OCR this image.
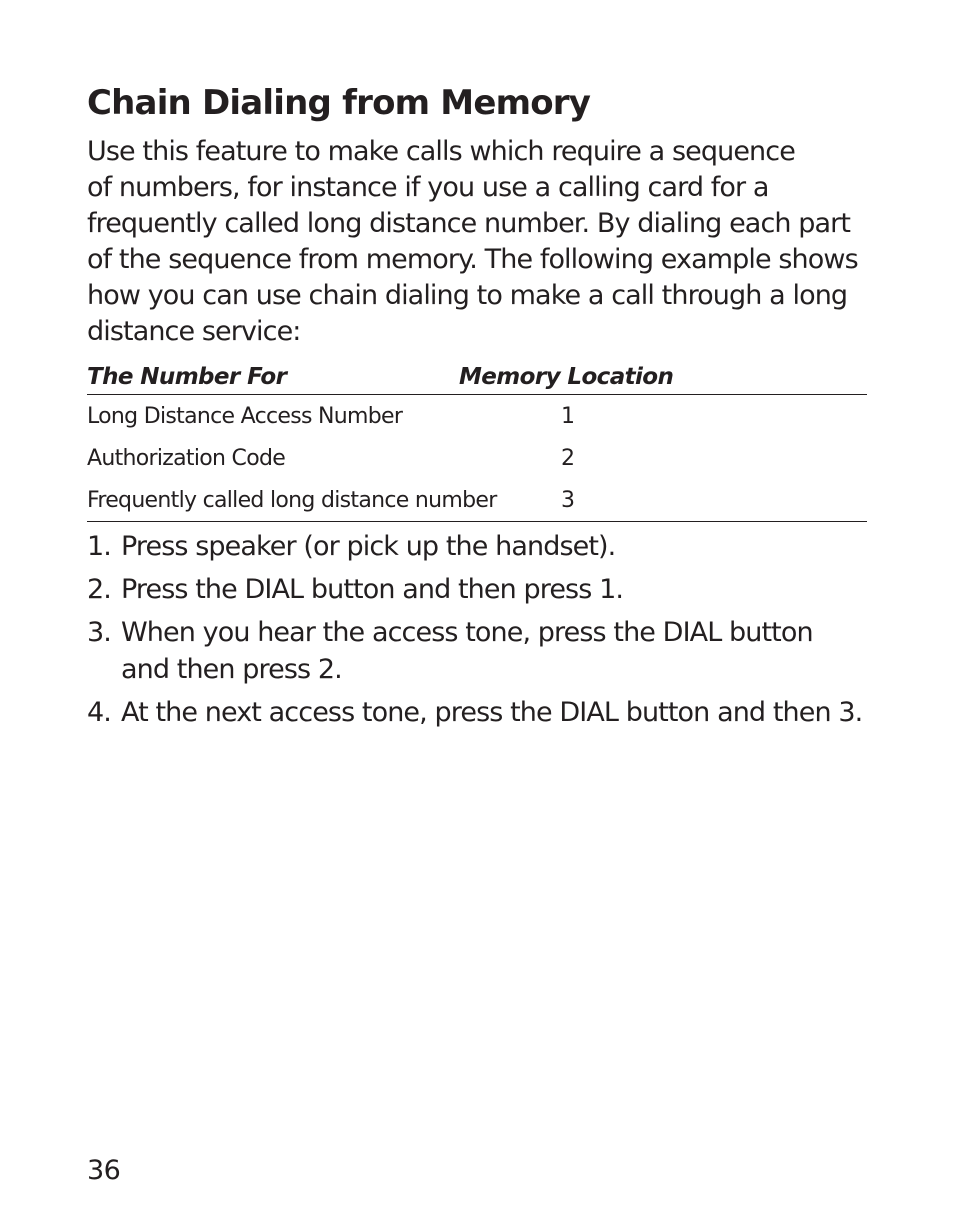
Chain Dialing from Memory

Use this feature to make calls which require a sequence
of numbers, for instance if you use a calling card for a
frequently called long distance number. By dialing each part
of the sequence from memory. The following example shows
how you can use chain dialing to make a call through a long
distance service:

The Number For	Memory Location
Long Distance Access Number	1
Authorization Code	2
Frequently called long distance number	3
1. Press speaker (or pick up the handset).
2. Press the DIAL button and then press 1.
3. When you hear the access tone, press the DIAL button and then press 2.
4. At the next access tone, press the DIAL button and then 3.
36
